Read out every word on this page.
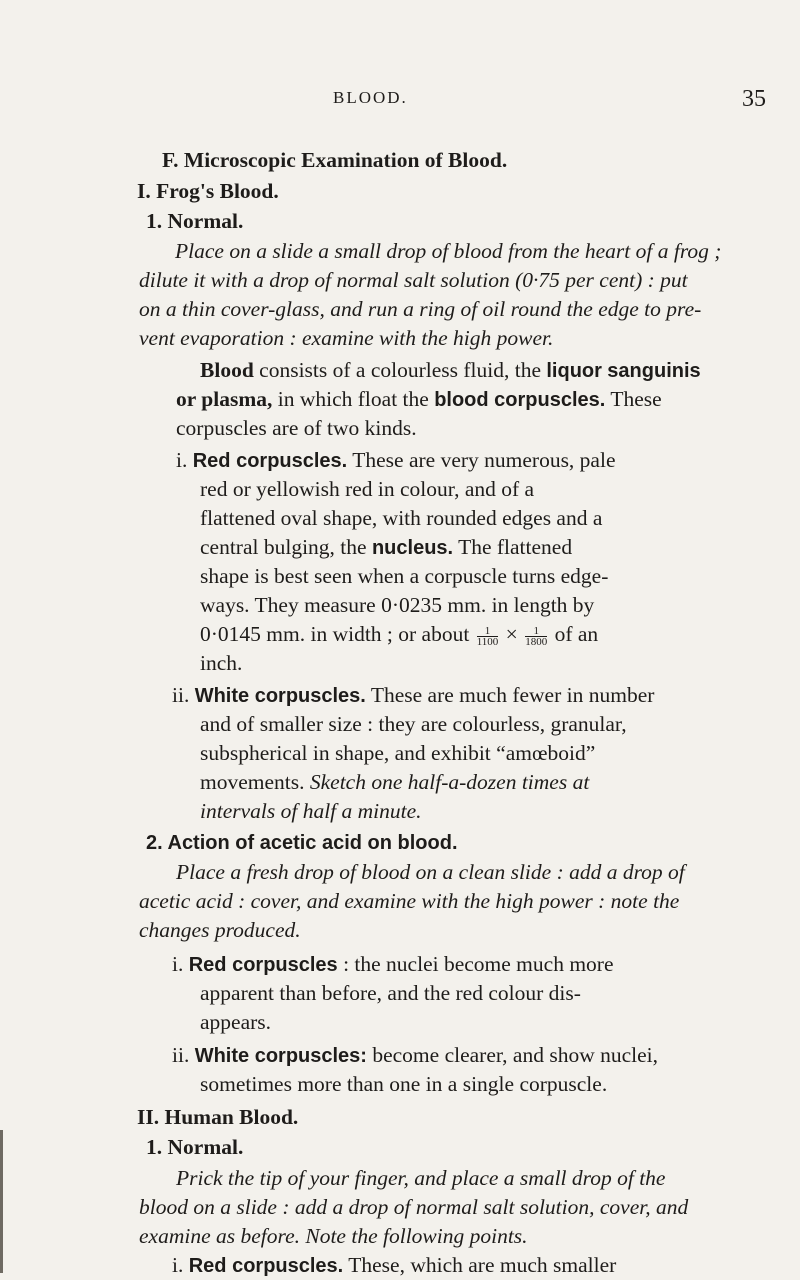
BLOOD.	35
F. Microscopic Examination of Blood.
I. Frog's Blood.
1. Normal.
Place on a slide a small drop of blood from the heart of a frog ;
dilute it with a drop of normal salt solution (0·75 per cent) : put
on a thin cover-glass, and run a ring of oil round the edge to pre-
vent evaporation : examine with the high power.
Blood consists of a colourless fluid, the liquor sanguinis
or plasma, in which float the blood corpuscles. These
corpuscles are of two kinds.
i. Red corpuscles. These are very numerous, pale
red or yellowish red in colour, and of a
flattened oval shape, with rounded edges and a
central bulging, the nucleus. The flattened
shape is best seen when a corpuscle turns edge-
ways. They measure 0·0235 mm. in length by
0·0145 mm. in width ; or about $\frac{1}{1100} \times \frac{1}{1800}$ of an
inch.
ii. White corpuscles. These are much fewer in number
and of smaller size : they are colourless, granular,
subspherical in shape, and exhibit “amœboid”
movements. Sketch one half-a-dozen times at
intervals of half a minute.
2. Action of acetic acid on blood.
Place a fresh drop of blood on a clean slide : add a drop of
acetic acid : cover, and examine with the high power : note the
changes produced.
i. Red corpuscles : the nuclei become much more
apparent than before, and the red colour dis-
appears.
ii. White corpuscles: become clearer, and show nuclei,
sometimes more than one in a single corpuscle.
II. Human Blood.
1. Normal.
Prick the tip of your finger, and place a small drop of the
blood on a slide : add a drop of normal salt solution, cover, and
examine as before. Note the following points.
i. Red corpuscles. These, which are much smaller
